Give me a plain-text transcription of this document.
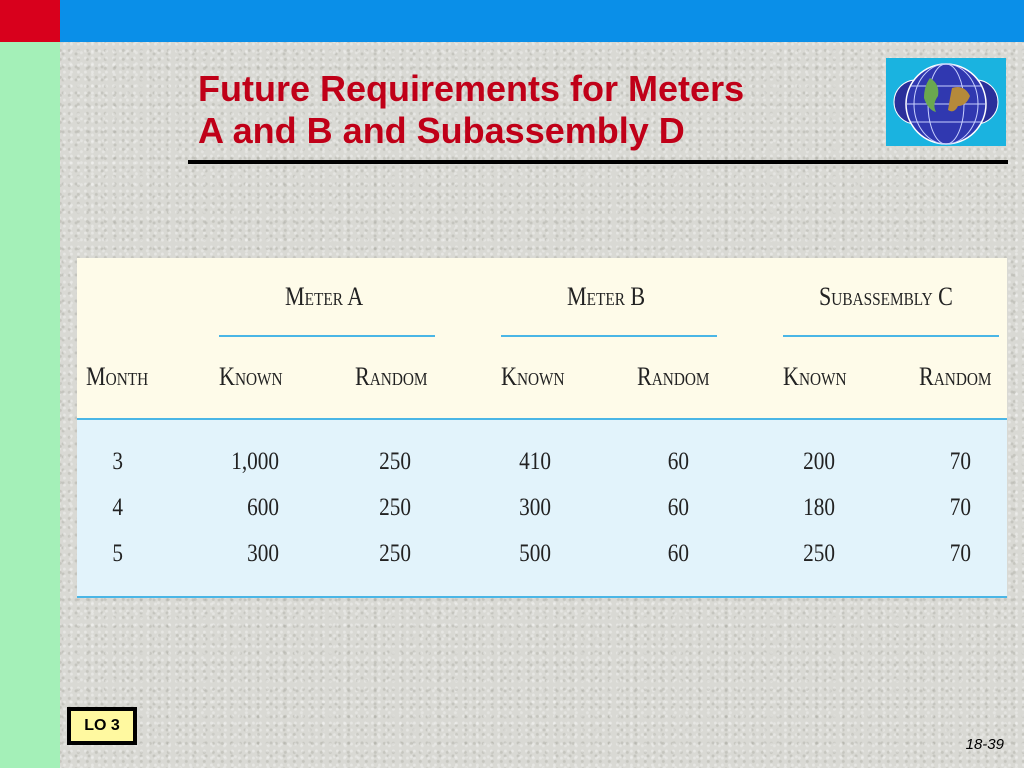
Future Requirements for Meters
A and B and Subassembly D
Meter A	Meter B	Subassembly C
Month	Known	Random	Known	Random	Known	Random
3	1,000	250	410	60	200	70
4	600	250	300	60	180	70
5	300	250	500	60	250	70
LO 3
18-39
